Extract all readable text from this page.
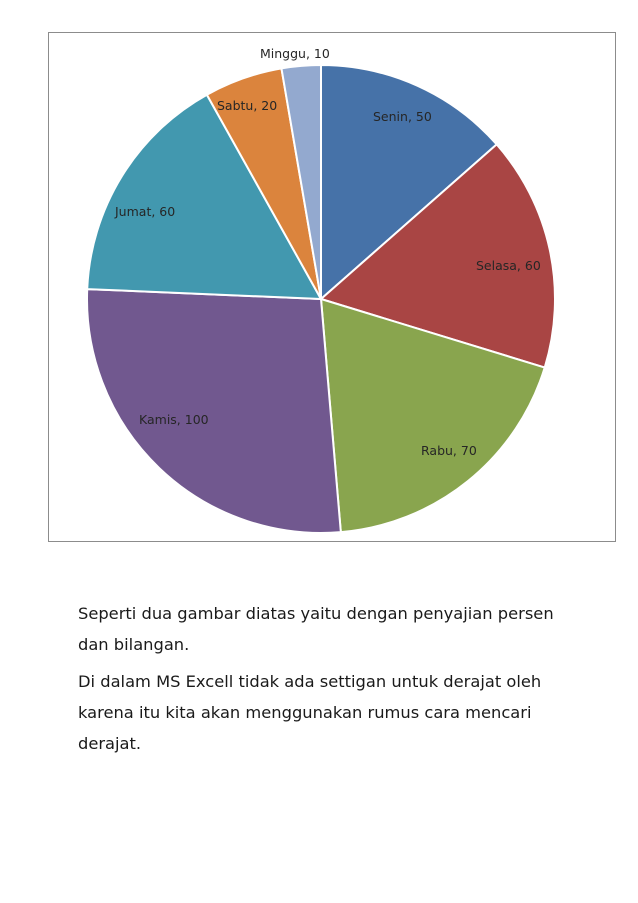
Senin, 50
Selasa, 60
Rabu, 70
Kamis, 100
Jumat, 60
Sabtu, 20
Minggu, 10

Seperti dua gambar diatas yaitu dengan penyajian persen dan bilangan.

Di dalam MS Excell tidak ada settigan untuk derajat oleh karena itu kita akan menggunakan rumus cara mencari derajat.
